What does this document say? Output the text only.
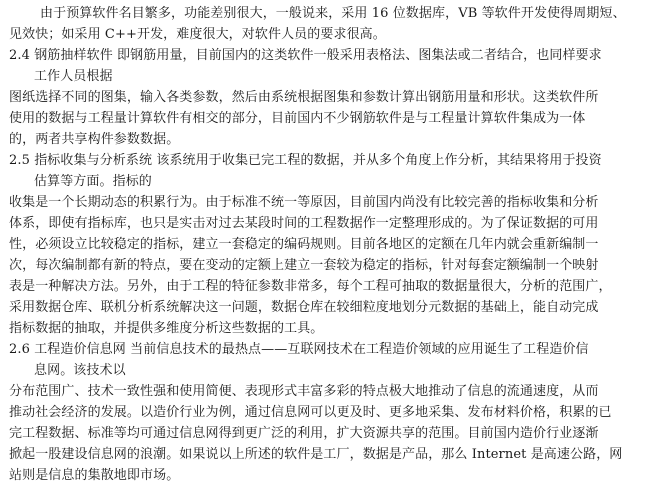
由于预算软件名目繁多，功能差别很大，一般说来，采用 16 位数据库，VB 等软件开发使得周期短、
见效快；如采用 C++开发，难度很大，对软件人员的要求很高。
2.4 钢筋抽样软件 即钢筋用量，目前国内的这类软件一般采用表格法、图集法或二者结合，也同样要求
工作人员根据
图纸选择不同的图集，输入各类参数，然后由系统根据图集和参数计算出钢筋用量和形状。这类软件所
使用的数据与工程量计算软件有相交的部分，目前国内不少钢筋软件是与工程量计算软件集成为一体
的，两者共享构件参数数据。
2.5 指标收集与分析系统 该系统用于收集已完工程的数据，并从多个角度上作分析，其结果将用于投资
估算等方面。指标的
收集是一个长期动态的积累行为。由于标准不统一等原因，目前国内尚没有比较完善的指标收集和分析
体系，即使有指标库，也只是实击对过去某段时间的工程数据作一定整理形成的。为了保证数据的可用
性，必须设立比较稳定的指标，建立一套稳定的编码规则。目前各地区的定额在几年内就会重新编制一
次，每次编制都有新的特点，要在变动的定额上建立一套较为稳定的指标，针对每套定额编制一个映射
表是一种解决方法。另外，由于工程的特征参数非常多，每个工程可抽取的数据量很大，分析的范围广，
采用数据仓库、联机分析系统解决这一问题，数据仓库在较细粒度地划分元数据的基础上，能自动完成
指标数据的抽取，并提供多维度分析这些数据的工具。
2.6 工程造价信息网 当前信息技术的最热点——互联网技术在工程造价领域的应用诞生了工程造价信
息网。该技术以
分布范围广、技术一致性强和使用简便、表现形式丰富多彩的特点极大地推动了信息的流通速度，从而
推动社会经济的发展。以造价行业为例，通过信息网可以更及时、更多地采集、发布材料价格，积累的已
完工程数据、标准等均可通过信息网得到更广泛的利用，扩大资源共享的范围。目前国内造价行业逐渐
掀起一股建设信息网的浪潮。如果说以上所述的软件是工厂，数据是产品，那么 Internet 是高速公路，网
站则是信息的集散地即市场。
